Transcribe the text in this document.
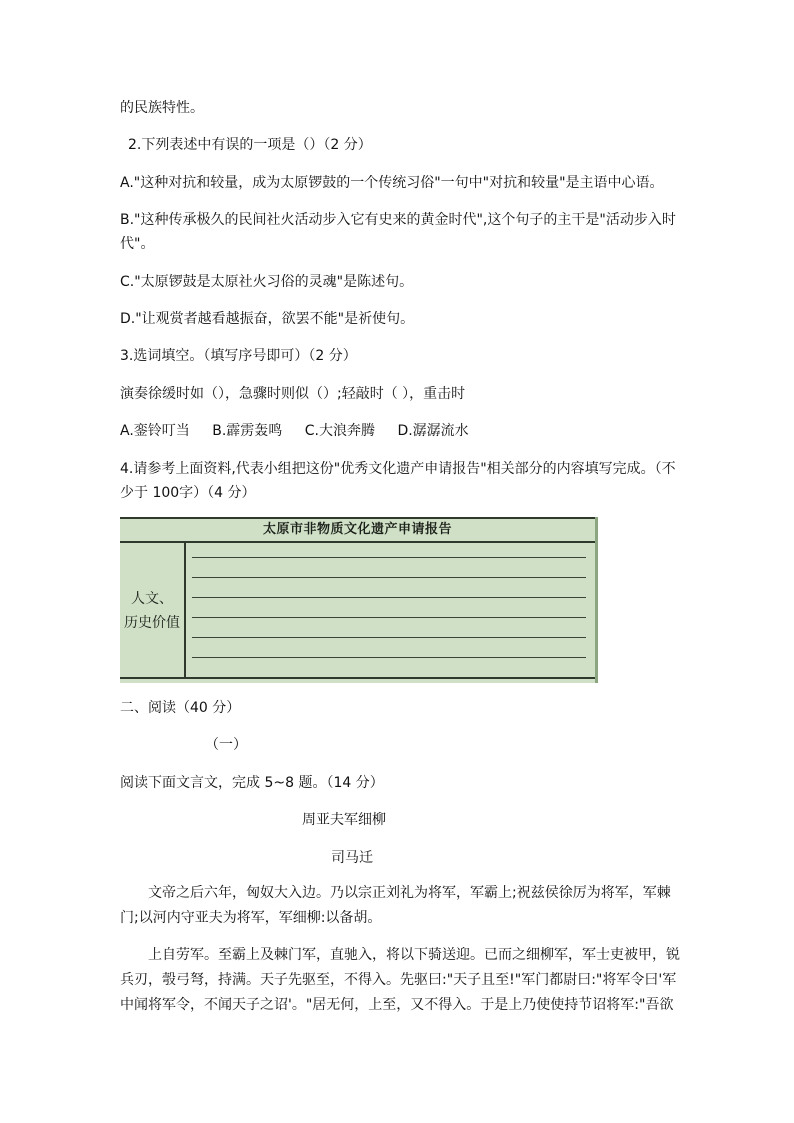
的民族特性。
2.下列表述中有误的一项是（）（2 分）
A."这种对抗和较量，成为太原锣鼓的一个传统习俗"一句中"对抗和较量"是主语中心语。
B."这种传承极久的民间社火活动步入它有史来的黄金时代",这个句子的主干是"活动步入时代"。
C."太原锣鼓是太原社火习俗的灵魂"是陈述句。
D."让观赏者越看越振奋，欲罢不能"是祈使句。
3.选词填空。（填写序号即可）（2 分）
演奏徐缓时如（），急骤时则似（）;轻敲时（ ），重击时
A.銮铃叮当 B.霹雳轰鸣 C.大浪奔腾 D.潺潺流水
4.请参考上面资料,代表小组把这份"优秀文化遗产申请报告"相关部分的内容填写完成。（不少于 100字）（4 分）
太原市非物质文化遗产申请报告
人文、
历史价值
二、阅读（40 分）
（一）
阅读下面文言文，完成 5~8 题。（14 分）
周亚夫军细柳
司马迁
文帝之后六年，匈奴大入边。乃以宗正刘礼为将军，军霸上;祝兹侯徐厉为将军，军棘门;以河内守亚夫为将军，军细柳:以备胡。
上自劳军。至霸上及棘门军，直驰入，将以下骑送迎。已而之细柳军，军士吏被甲，锐兵刃，彀弓弩，持满。天子先驱至，不得入。先驱曰:"天子且至!"军门都尉曰:"将军令曰'军中闻将军令，不闻天子之诏'。"居无何，上至，又不得入。于是上乃使使持节诏将军:"吾欲
